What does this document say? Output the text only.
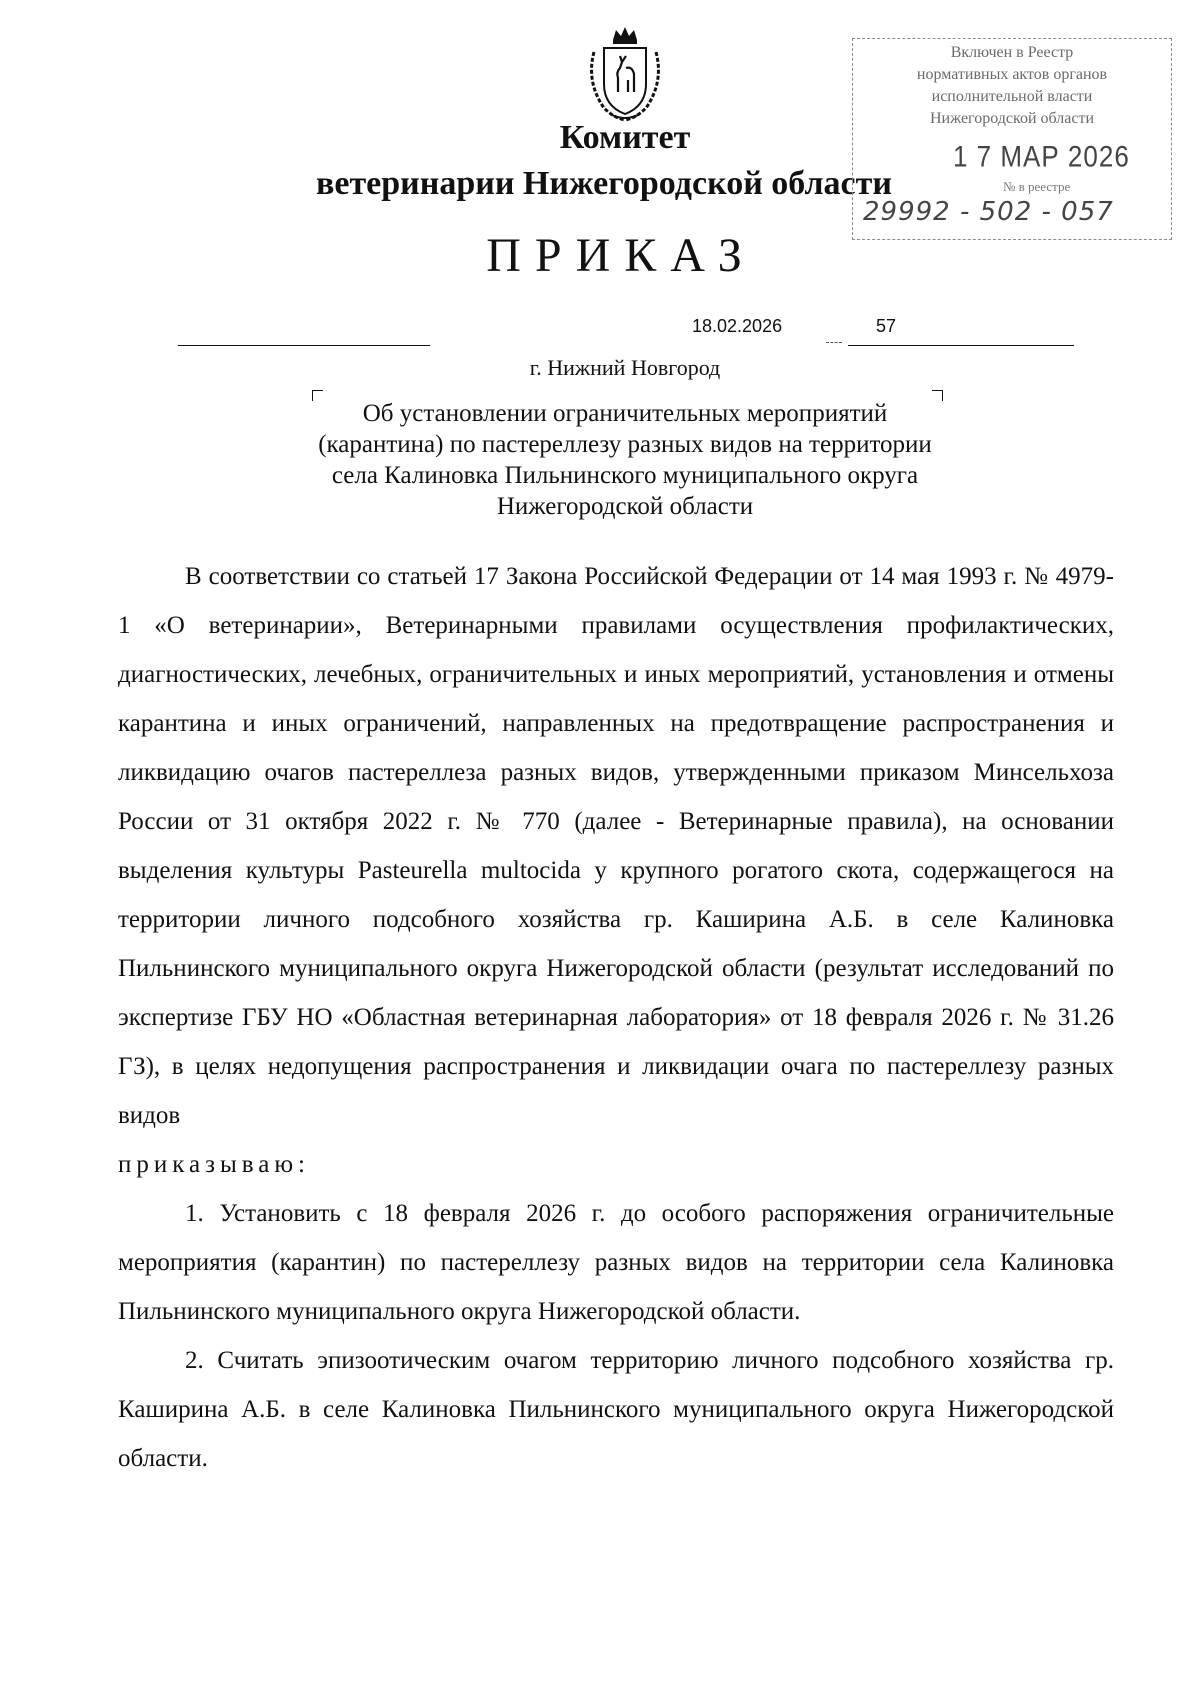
Комитет
ветеринарии Нижегородской области
ПРИКАЗ
Включен в Реестр
нормативных актов органов
исполнительной власти
Нижегородской области
1 7 МАР 2026
№ в реестре
29992 - 502 - 057
18.02.2026	57
г. Нижний Новгород
Об установлении ограничительных мероприятий (карантина) по пастереллезу разных видов на территории села Калиновка Пильнинского муниципального округа Нижегородской области

В соответствии со статьей 17 Закона Российской Федерации от 14 мая 1993 г. № 4979-1 «О ветеринарии», Ветеринарными правилами осуществления профилактических, диагностических, лечебных, ограничительных и иных мероприятий, установления и отмены карантина и иных ограничений, направленных на предотвращение распространения и ликвидацию очагов пастереллеза разных видов, утвержденными приказом Минсельхоза России от 31 октября 2022 г. № 770 (далее - Ветеринарные правила), на основании выделения культуры Pasteurella multocida у крупного рогатого скота, содержащегося на территории личного подсобного хозяйства гр. Каширина А.Б. в селе Калиновка Пильнинского муниципального округа Нижегородской области (результат исследований по экспертизе ГБУ НО «Областная ветеринарная лаборатория» от 18 февраля 2026 г. № 31.26 ГЗ), в целях недопущения распространения и ликвидации очага по пастереллезу разных видов

приказываю:

1. Установить с 18 февраля 2026 г. до особого распоряжения ограничительные мероприятия (карантин) по пастереллезу разных видов на территории села Калиновка Пильнинского муниципального округа Нижегородской области.

2. Считать эпизоотическим очагом территорию личного подсобного хозяйства гр. Каширина А.Б. в селе Калиновка Пильнинского муниципального округа Нижегородской области.
